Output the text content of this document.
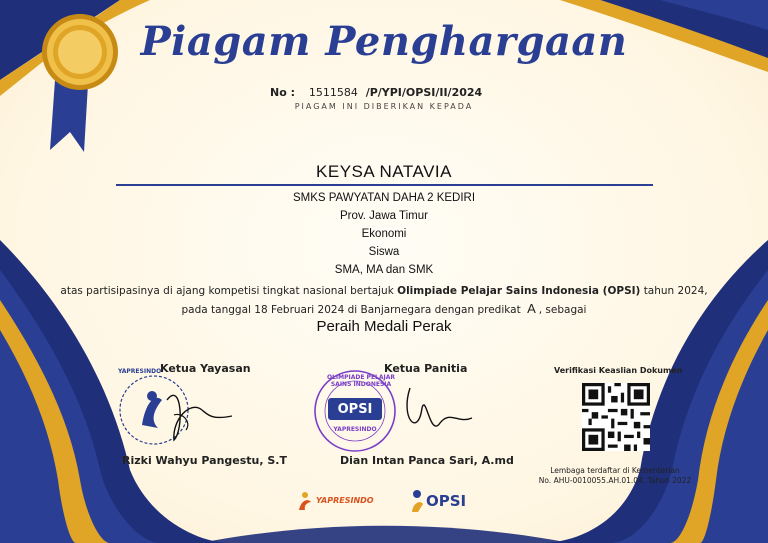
Piagam Penghargaan
No : 1511584 /P/YPI/OPSI/II/2024
PIAGAM INI DIBERIKAN KEPADA
KEYSA NATAVIA
SMKS PAWYATAN DAHA 2 KEDIRI
Prov. Jawa Timur
Ekonomi
Siswa
SMA, MA dan SMK
atas partisipasinya di ajang kompetisi tingkat nasional bertajuk Olimpiade Pelajar Sains Indonesia (OPSI) tahun 2024,
pada tanggal 18 Februari 2024 di Banjarnegara dengan predikat A , sebagai
Peraih Medali Perak
Ketua Yayasan
YAPRESINDO
Rizki Wahyu Pangestu, S.T
Ketua Panitia
OLIMPIADE PELAJAR SAINS INDONESIA
OPSI
YAPRESINDO
Dian Intan Panca Sari, A.md
Verifikasi Keaslian Dokumen
Lembaga terdaftar di Kementerian
No. AHU-0010055.AH.01.04. Tahun 2022
YAPRESINDO	OPSI
